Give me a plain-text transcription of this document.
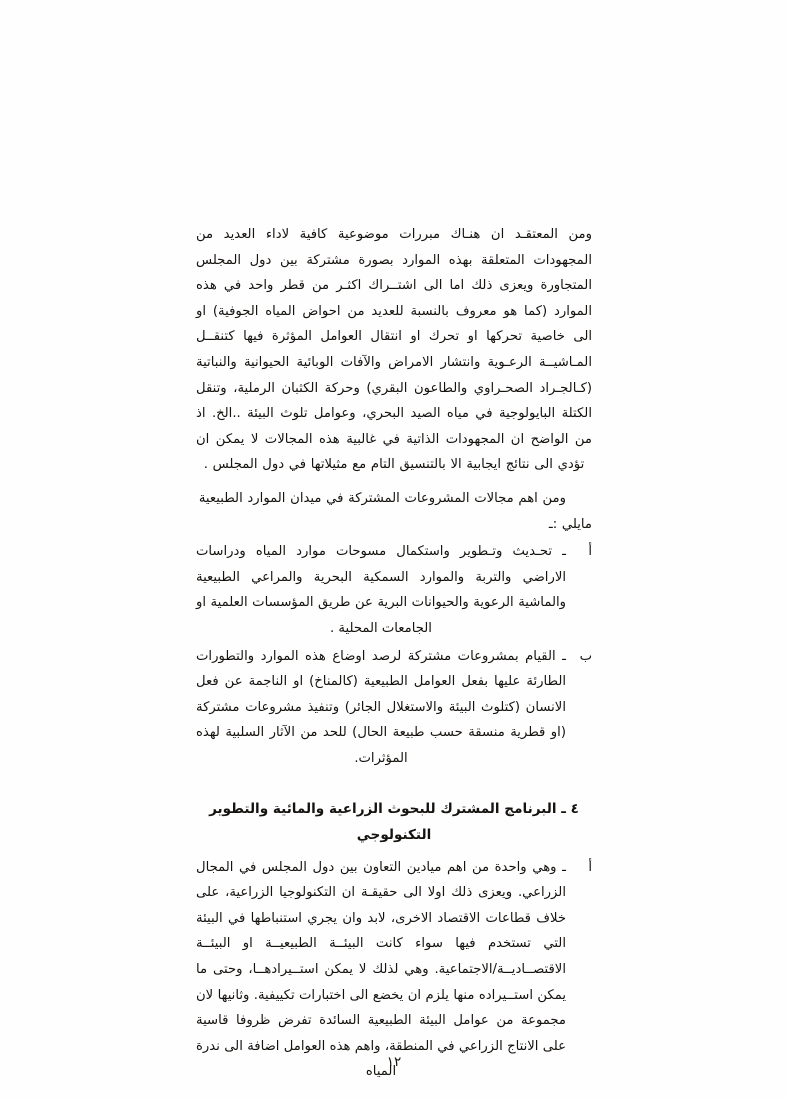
ومن المعتقـد ان هنـاك مبررات موضوعية كافية لاداء العديد من المجهودات المتعلقة بهذه الموارد بصورة مشتركة بين دول المجلس المتجاورة ويعزى ذلك اما الى اشتــراك اكثـر من قطر واحد في هذه الموارد (كما هو معروف بالنسبة للعديد من احواض المياه الجوفية) او الى خاصية تحركها او تحرك او انتقال العوامل المؤثرة فيها كتنقــل المـاشيــة الرعـوية وانتشار الامراض والآفات الوبائية الحيوانية والنباتية (كـالجـراد الصحـراوي والطاعون البقري) وحركة الكثبان الرملية، وتنقل الكتلة البايولوجية في مياه الصيد البحري، وعوامل تلوث البيئة ..الخ. اذ من الواضح ان المجهودات الذاتية في غالبية هذه المجالات لا يمكن ان تؤدي الى نتائج ايجابية الا بالتنسيق التام مع مثيلاتها في دول المجلس .

ومن اهم مجالات المشروعات المشتركة في ميدان الموارد الطبيعية مايلي :ـ

أ
ـ تحـديث وتـطوير واستكمال مسوحات موارد المياه ودراسات الاراضي والتربة والموارد السمكية البحرية والمراعي الطبيعية والماشية الرعوية والحيوانات البرية عن طريق المؤسسات العلمية او الجامعات المحلية .
ب
ـ القيام بمشروعات مشتركة لرصد اوضاع هذه الموارد والتطورات الطارئة عليها بفعل العوامل الطبيعية (كالمناخ) او الناجمة عن فعل الانسان (كتلوث البيئة والاستغلال الجائر) وتنفيذ مشروعات مشتركة (او قطرية منسقة حسب طبيعة الحال) للحد من الآثار السلبية لهذه المؤثرات.
٤ ـ البرنامج المشترك للبحوث الزراعية والمائية والتطوير التكنولوجي
أ
ـ وهي واحدة من اهم ميادين التعاون بين دول المجلس في المجال الزراعي. ويعزى ذلك اولا الى حقيقـة ان التكنولوجيا الزراعية، على خلاف قطاعات الاقتصاد الاخرى، لابد وان يجري استنباطها في البيئة التي تستخدم فيها سواء كانت البيئــة الطبيعيــة او البيئــة الاقتصــاديــة/الاجتماعية. وهي لذلك لا يمكن استــيرادهــا، وحتى ما يمكن استــيراده منها يلزم ان يخضع الى اختبارات تكييفية. وثانيها لان مجموعة من عوامل البيئة الطبيعية السائدة تفرض ظروفا قاسية على الانتاج الزراعي في المنطقة، واهم هذه العوامل اضافة الى ندرة المياه
١٢
